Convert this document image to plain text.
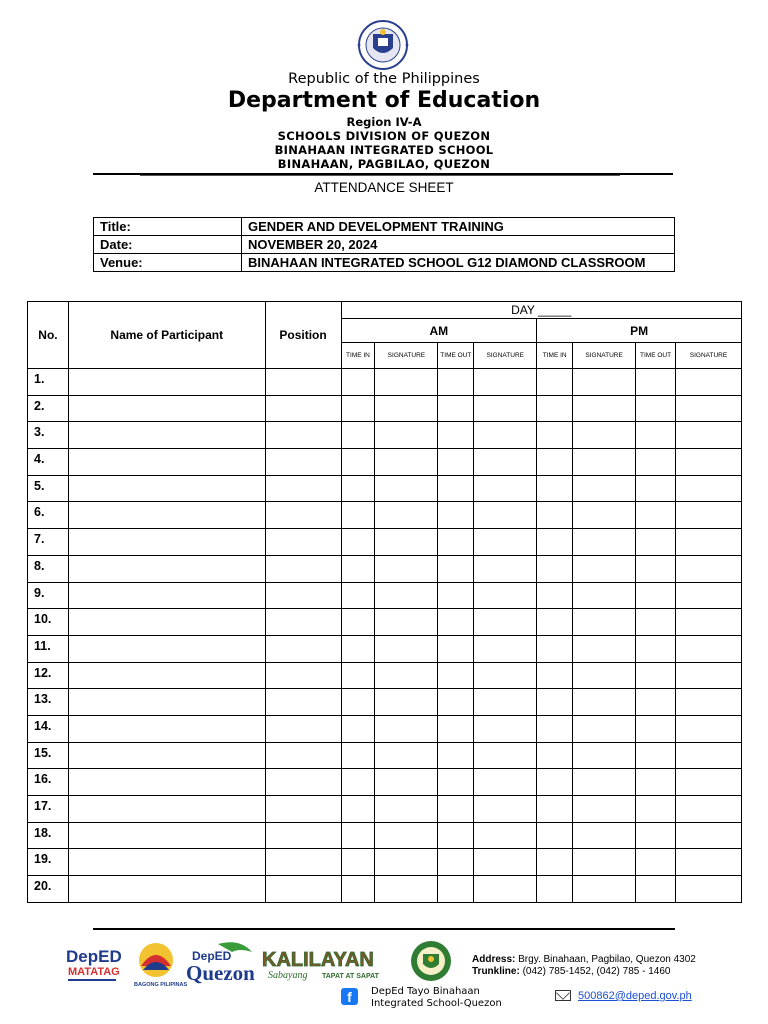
Republic of the Philippines
Department of Education
Region IV-A
SCHOOLS DIVISION OF QUEZON
BINAHAAN INTEGRATED SCHOOL
BINAHAAN, PAGBILAO, QUEZON
ATTENDANCE SHEET
Title:	GENDER AND DEVELOPMENT TRAINING
Date:	NOVEMBER 20, 2024
Venue:	BINAHAAN INTEGRATED SCHOOL G12 DIAMOND CLASSROOM
No.	Name of Participant	Position	DAY _____							
			AM				PM			
			TIME IN	SIGNATURE	TIME OUT	SIGNATURE	TIME IN	SIGNATURE	TIME OUT	SIGNATURE
1.										
2.										
3.										
4.										
5.										
6.										
7.										
8.										
9.										
10.										
11.										
12.										
13.										
14.										
15.										
16.										
17.										
18.										
19.										
20.										
DepED
MATATAG
BAGONG PILIPINAS
DepED
Quezon
KALILAYAN
Sabayang TAPAT AT SAPAT
Address: Brgy. Binahaan, Pagbilao, Quezon 4302
Trunkline: (042) 785-1452, (042) 785 - 1460
f	DepEd Tayo Binahaan
Integrated School-Quezon
500862@deped.gov.ph
